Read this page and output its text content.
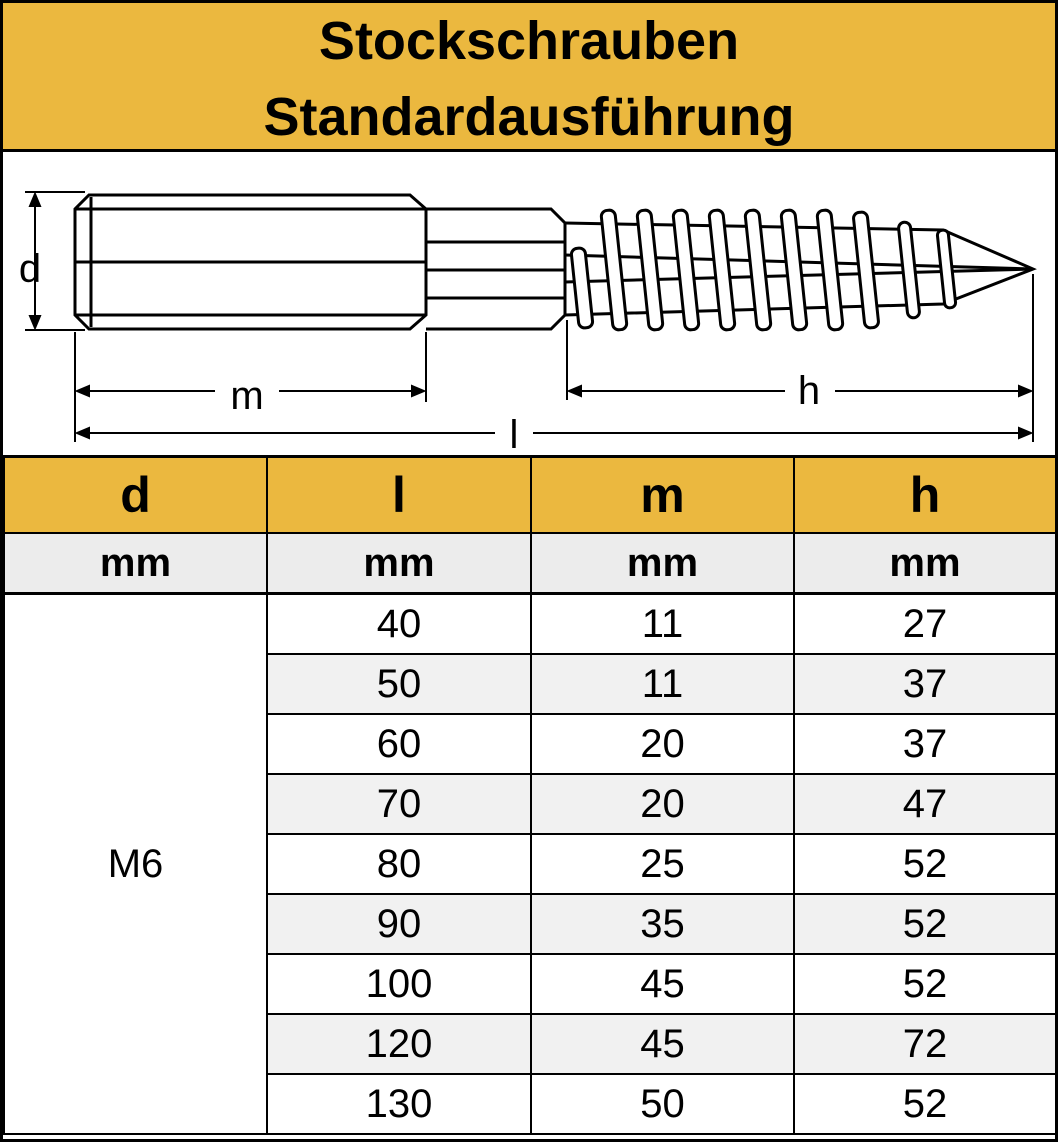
Stockschrauben
Standardausführung
d
m	h
l
d	l	m	h
mm	mm	mm	mm
M6	40	11	27
	50	11	37
	60	20	37
	70	20	47
	80	25	52
	90	35	52
	100	45	52
	120	45	72
	130	50	52
